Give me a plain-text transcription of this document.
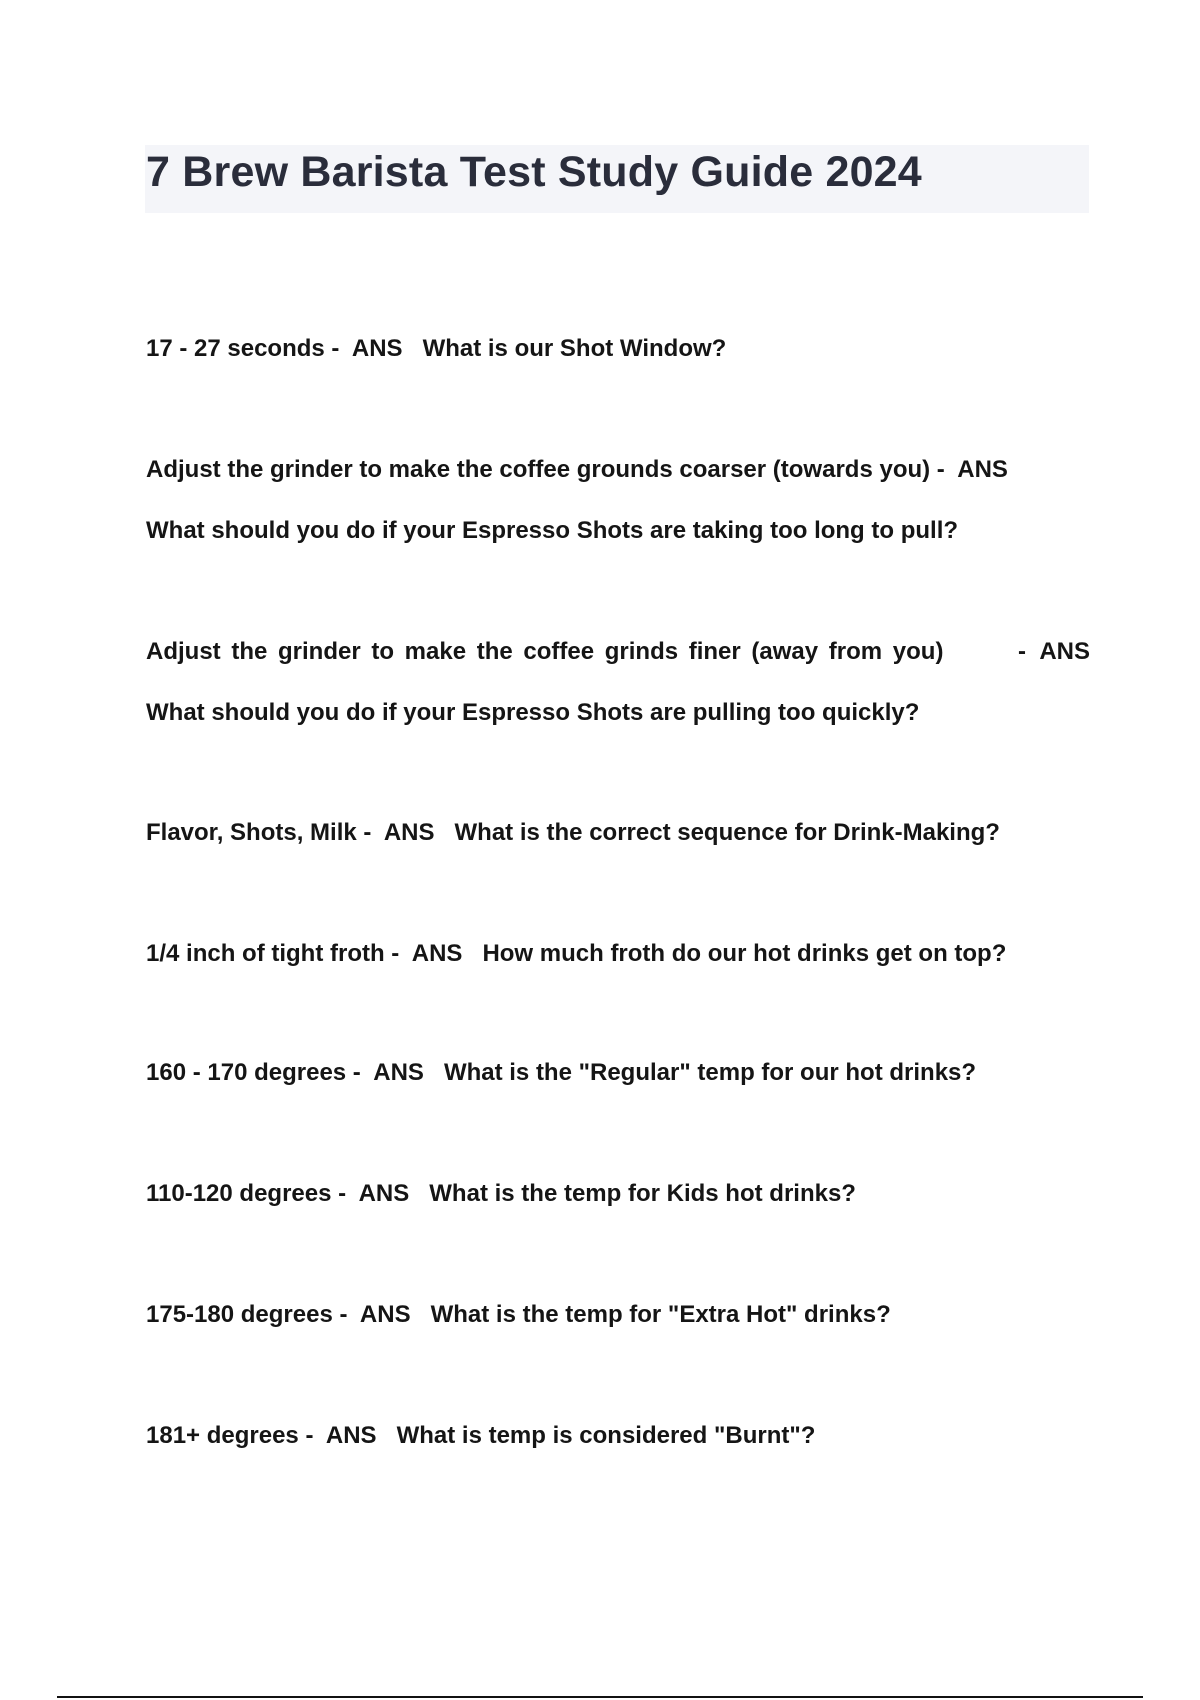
7 Brew Barista Test Study Guide 2024

17 - 27 seconds -  ANS What is our Shot Window?

Adjust the grinder to make the coffee grounds coarser (towards you) -  ANS
What should you do if your Espresso Shots are taking too long to pull?
Adjust the grinder to make the coffee grinds finer (away from you)	- ANS
What should you do if your Espresso Shots are pulling too quickly?

Flavor, Shots, Milk -  ANS What is the correct sequence for Drink-Making?

1/4 inch of tight froth -  ANS How much froth do our hot drinks get on top?

160 - 170 degrees -  ANS What is the "Regular" temp for our hot drinks?

110-120 degrees -  ANS What is the temp for Kids hot drinks?

175-180 degrees -  ANS What is the temp for "Extra Hot" drinks?

181+ degrees -  ANS What is temp is considered "Burnt"?
